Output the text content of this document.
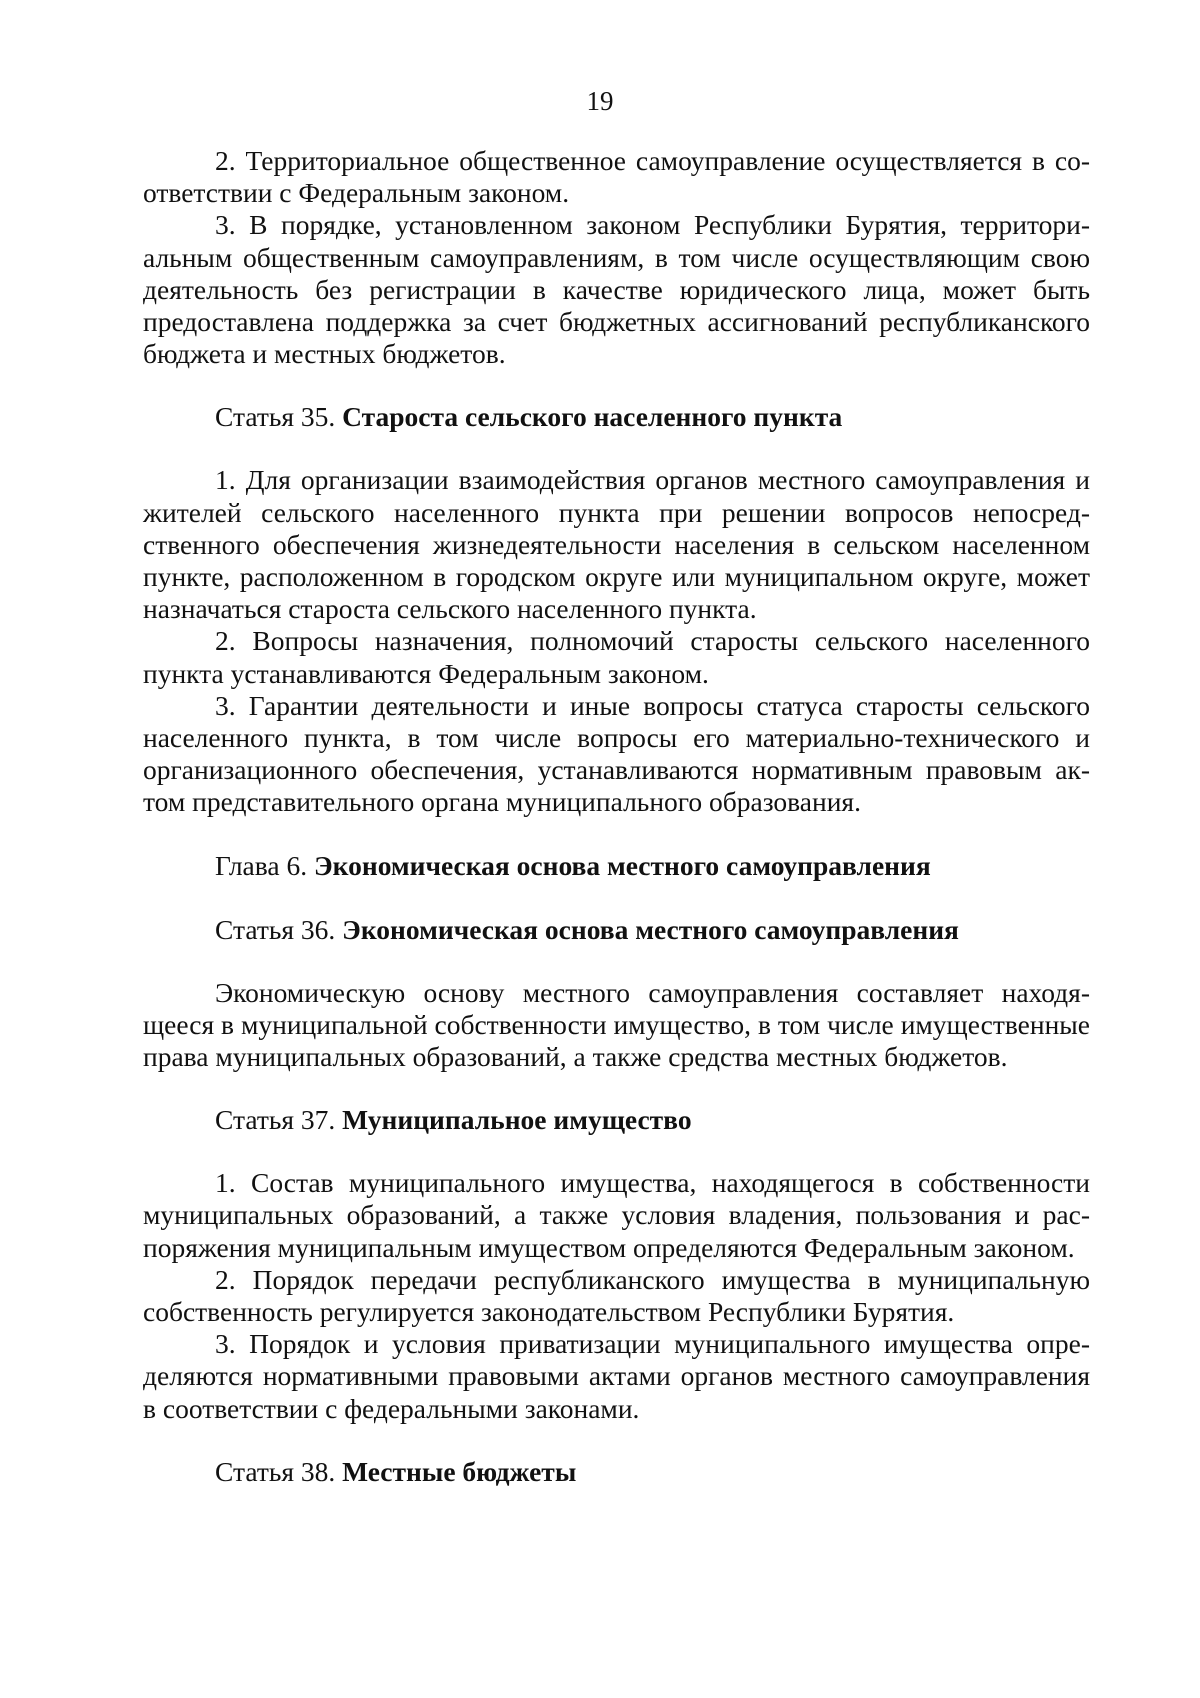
19

2. Территориальное общественное самоуправление осуществляется в соответствии с Федеральным законом.

3. В порядке, установленном законом Республики Бурятия, территориальным общественным самоуправлениям, в том числе осуществляющим свою деятельность без регистрации в качестве юридического лица, может быть предоставлена поддержка за счет бюджетных ассигнований республиканского бюджета и местных бюджетов.

Статья 35. Староста сельского населенного пункта

1. Для организации взаимодействия органов местного самоуправления и жителей сельского населенного пункта при решении вопросов непосредственного обеспечения жизнедеятельности населения в сельском населенном пункте, расположенном в городском округе или муниципальном округе, может назначаться староста сельского населенного пункта.

2. Вопросы назначения, полномочий старосты сельского населенного пункта устанавливаются Федеральным законом.

3. Гарантии деятельности и иные вопросы статуса старосты сельского населенного пункта, в том числе вопросы его материально-технического и организационного обеспечения, устанавливаются нормативным правовым актом представительного органа муниципального образования.

Глава 6. Экономическая основа местного самоуправления
Статья 36. Экономическая основа местного самоуправления

Экономическую основу местного самоуправления составляет находящееся в муниципальной собственности имущество, в том числе имущественные права муниципальных образований, а также средства местных бюджетов.

Статья 37. Муниципальное имущество

1. Состав муниципального имущества, находящегося в собственности муниципальных образований, а также условия владения, пользования и распоряжения муниципальным имуществом определяются Федеральным законом.

2. Порядок передачи республиканского имущества в муниципальную собственность регулируется законодательством Республики Бурятия.

3. Порядок и условия приватизации муниципального имущества определяются нормативными правовыми актами органов местного самоуправления в соответствии с федеральными законами.

Статья 38. Местные бюджеты
